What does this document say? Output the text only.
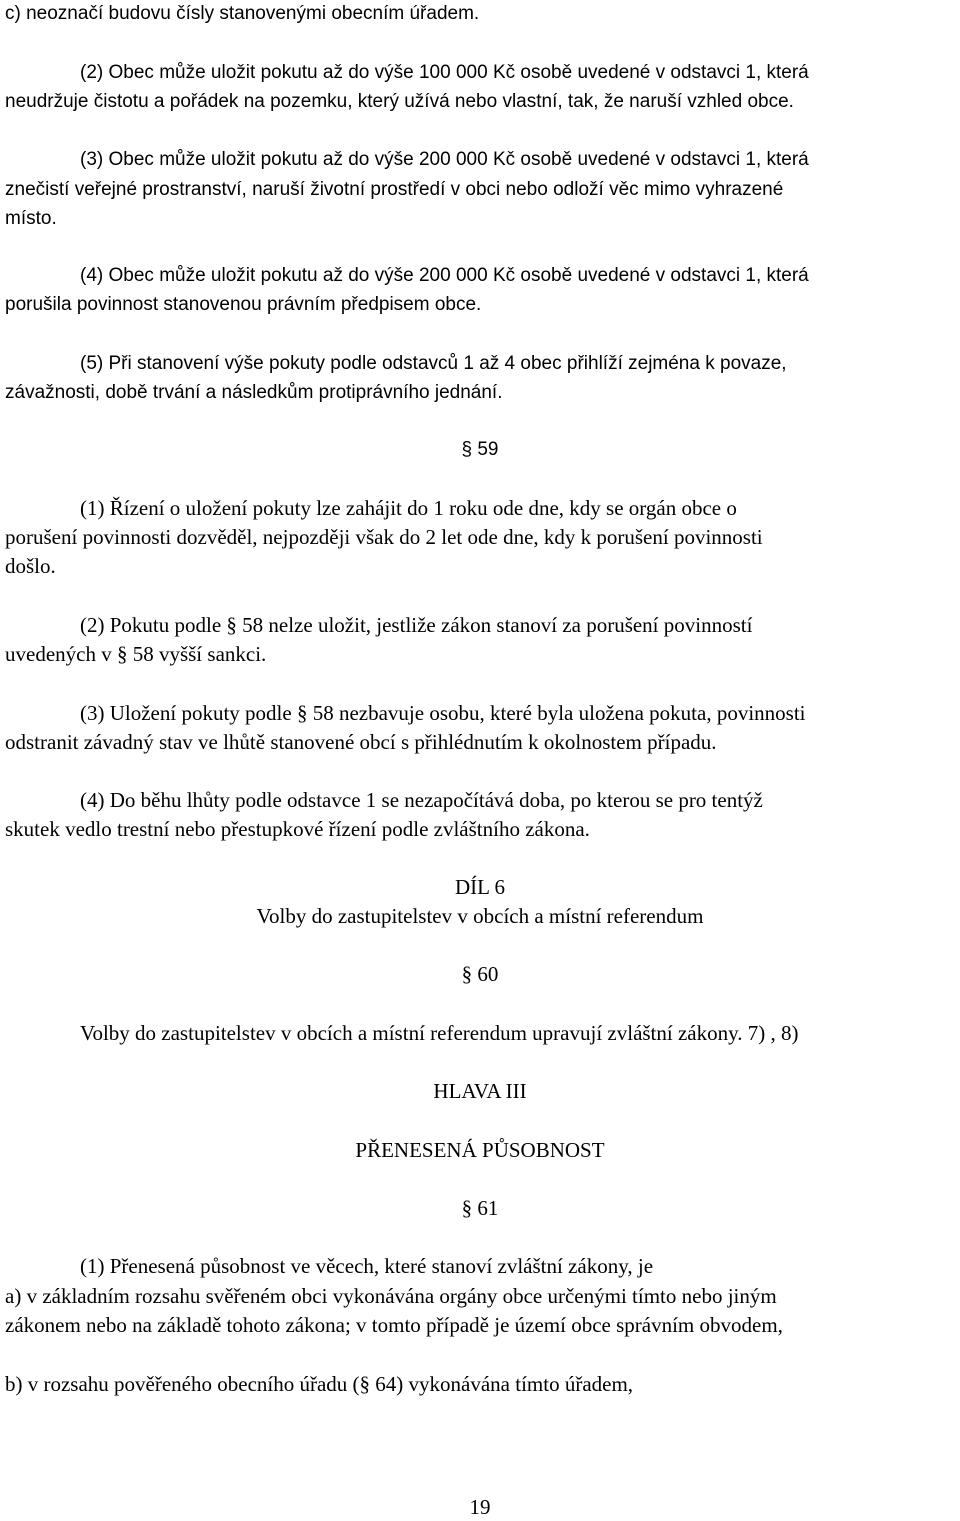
c) neoznačí budovu čísly stanovenými obecním úřadem.
(2) Obec může uložit pokutu až do výše 100 000 Kč osobě uvedené v odstavci 1, která
neudržuje čistotu a pořádek na pozemku, který užívá nebo vlastní, tak, že naruší vzhled obce.
(3) Obec může uložit pokutu až do výše 200 000 Kč osobě uvedené v odstavci 1, která
znečistí veřejné prostranství, naruší životní prostředí v obci nebo odloží věc mimo vyhrazené
místo.
(4) Obec může uložit pokutu až do výše 200 000 Kč osobě uvedené v odstavci 1, která
porušila povinnost stanovenou právním předpisem obce.
(5) Při stanovení výše pokuty podle odstavců 1 až 4 obec přihlíží zejména k povaze,
závažnosti, době trvání a následkům protiprávního jednání.
§ 59
(1) Řízení o uložení pokuty lze zahájit do 1 roku ode dne, kdy se orgán obce o
porušení povinnosti dozvěděl, nejpozději však do 2 let ode dne, kdy k porušení povinnosti
došlo.
(2) Pokutu podle § 58 nelze uložit, jestliže zákon stanoví za porušení povinností
uvedených v § 58 vyšší sankci.
(3) Uložení pokuty podle § 58 nezbavuje osobu, které byla uložena pokuta, povinnosti
odstranit závadný stav ve lhůtě stanovené obcí s přihlédnutím k okolnostem případu.
(4) Do běhu lhůty podle odstavce 1 se nezapočítává doba, po kterou se pro tentýž
skutek vedlo trestní nebo přestupkové řízení podle zvláštního zákona.
DÍL 6
Volby do zastupitelstev v obcích a místní referendum
§ 60
Volby do zastupitelstev v obcích a místní referendum upravují zvláštní zákony. 7) , 8)
HLAVA III
PŘENESENÁ PŮSOBNOST
§ 61
(1) Přenesená působnost ve věcech, které stanoví zvláštní zákony, je
a) v základním rozsahu svěřeném obci vykonávána orgány obce určenými tímto nebo jiným
zákonem nebo na základě tohoto zákona; v tomto případě je území obce správním obvodem,
b) v rozsahu pověřeného obecního úřadu (§ 64) vykonávána tímto úřadem,
19
